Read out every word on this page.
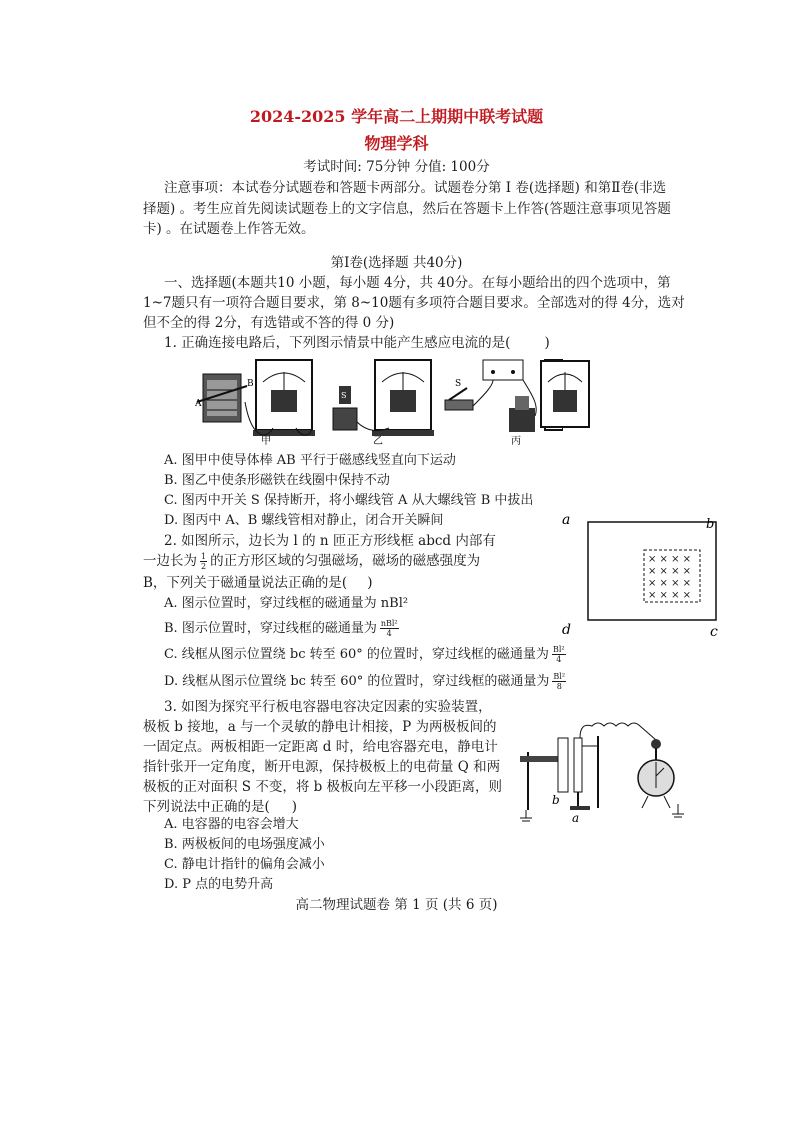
2024-2025 学年高二上期期中联考试题
物理学科
考试时间: 75分钟 分值: 100分
注意事项：本试卷分试题卷和答题卡两部分。试题卷分第 I 卷(选择题) 和第Ⅱ卷(非选
择题) 。考生应首先阅读试题卷上的文字信息，然后在答题卡上作答(答题注意事项见答题
卡) 。在试题卷上作答无效。
第Ⅰ卷(选择题 共40分)
一、选择题(本题共10 小题，每小题 4分，共 40分。在每小题给出的四个选项中，第
1~7题只有一项符合题目要求，第 8~10题有多项符合题目要求。全部选对的得 4分，选对
但不全的得 2分，有选错或不答的得 0 分)
1. 正确连接电路后，下列图示情景中能产生感应电流的是(	)
A
B
S
S
甲	乙	丙
A. 图甲中使导体棒 AB 平行于磁感线竖直向下运动
B. 图乙中使条形磁铁在线圈中保持不动
C. 图丙中开关 S 保持断开，将小螺线管 A 从大螺线管 B 中拔出
D. 图丙中 A、B 螺线管相对静止，闭合开关瞬间
× × × ×
× × × ×
× × × ×
× × × ×
a	b
c
d
2. 如图所示，边长为 l 的 n 匝正方形线框 abcd 内部有
一边长为 $\frac{1}{2}$ 的正方形区域的匀强磁场，磁场的磁感强度为
B，下列关于磁通量说法正确的是( )
A. 图示位置时，穿过线框的磁通量为 nBl²
B. 图示位置时，穿过线框的磁通量为 $\frac{\text{nBl²}}{4}$
C. 线框从图示位置绕 bc 转至 60° 的位置时，穿过线框的磁通量为 $\frac{\text{Bl²}}{4}$
D. 线框从图示位置绕 bc 转至 60° 的位置时，穿过线框的磁通量为 $\frac{\text{Bl²}}{8}$
3. 如图为探究平行板电容器电容决定因素的实验装置，
极板 b 接地，a 与一个灵敏的静电计相接，P 为两极板间的
一固定点。两板相距一定距离 d 时，给电容器充电，静电计
指针张开一定角度，断开电源，保持极板上的电荷量 Q 和两
极板的正对面积 S 不变，将 b 极板向左平移一小段距离，则
下列说法中正确的是( )	b
a
A. 电容器的电容会增大
B. 两极板间的电场强度减小
C. 静电计指针的偏角会减小
D. P 点的电势升高
高二物理试题卷 第 1 页 (共 6 页)
